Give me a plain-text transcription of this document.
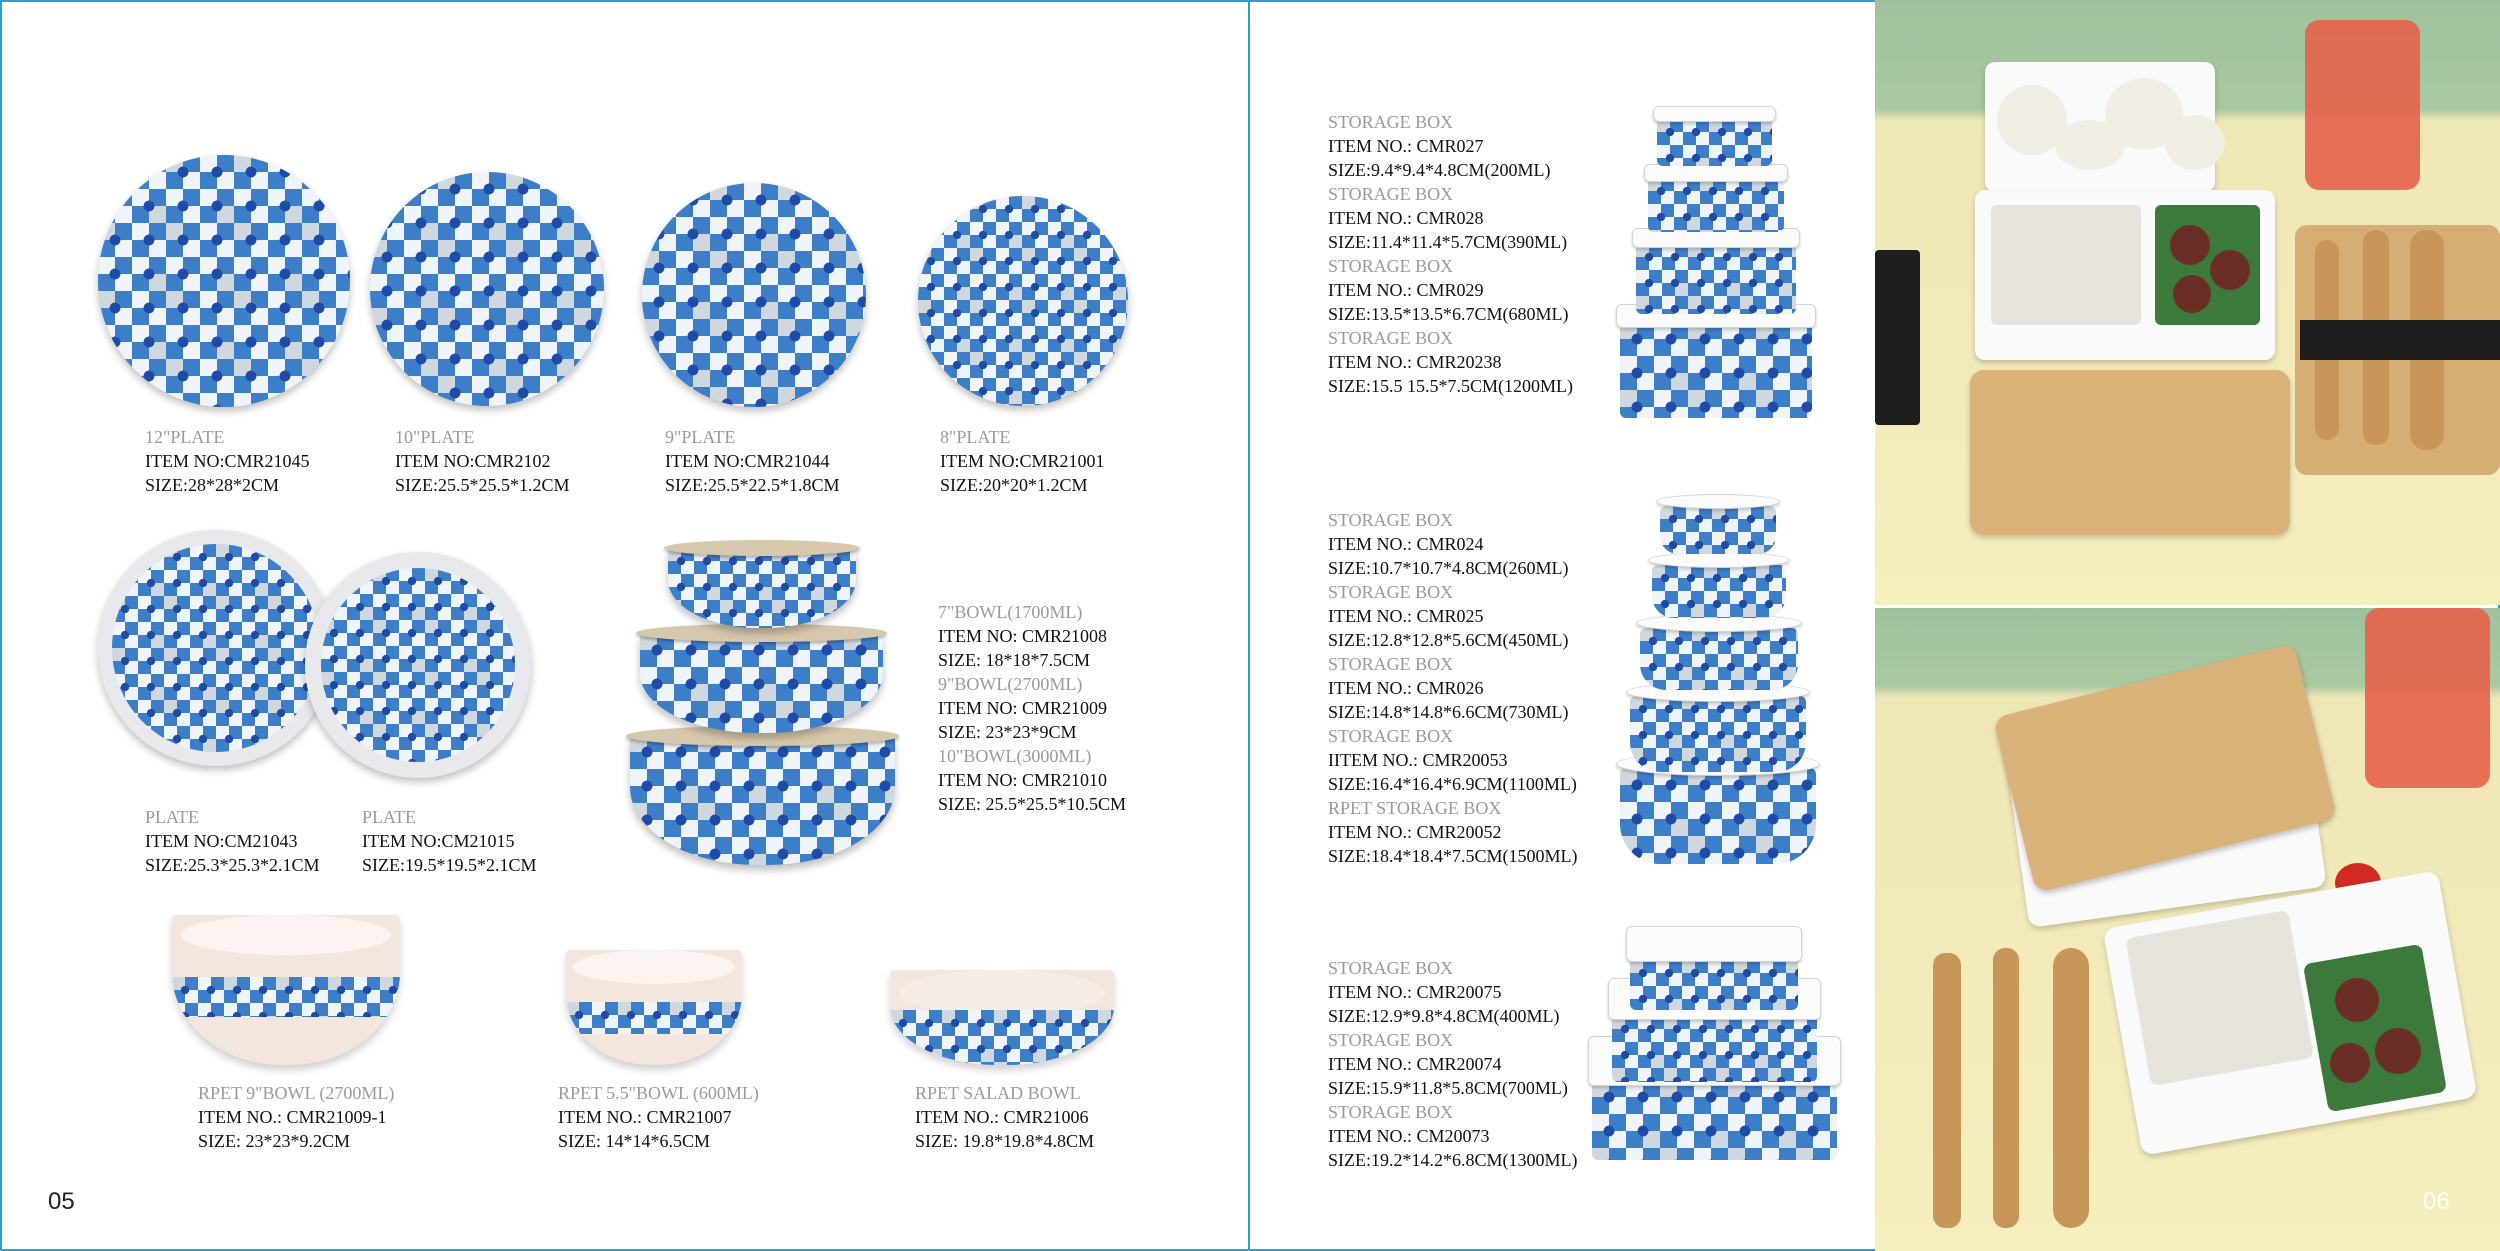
12"PLATE
ITEM NO:CMR21045
SIZE:28*28*2CM
10"PLATE
ITEM NO:CMR2102
SIZE:25.5*25.5*1.2CM
9"PLATE
ITEM NO:CMR21044
SIZE:25.5*22.5*1.8CM
8"PLATE
ITEM NO:CMR21001
SIZE:20*20*1.2CM
PLATE
ITEM NO:CM21043
SIZE:25.3*25.3*2.1CM
PLATE
ITEM NO:CM21015
SIZE:19.5*19.5*2.1CM
7"BOWL(1700ML)
ITEM NO: CMR21008
SIZE: 18*18*7.5CM
9"BOWL(2700ML)
ITEM NO: CMR21009
SIZE: 23*23*9CM
10"BOWL(3000ML)
ITEM NO: CMR21010
SIZE: 25.5*25.5*10.5CM
RPET 9"BOWL (2700ML)
ITEM NO.: CMR21009-1
SIZE: 23*23*9.2CM
RPET 5.5"BOWL (600ML)
ITEM NO.: CMR21007
SIZE: 14*14*6.5CM
RPET SALAD BOWL
ITEM NO.: CMR21006
SIZE: 19.8*19.8*4.8CM
05
STORAGE BOX
ITEM NO.: CMR027
SIZE:9.4*9.4*4.8CM(200ML)
STORAGE BOX
ITEM NO.: CMR028
SIZE:11.4*11.4*5.7CM(390ML)
STORAGE BOX
ITEM NO.: CMR029
SIZE:13.5*13.5*6.7CM(680ML)
STORAGE BOX
ITEM NO.: CMR20238
SIZE:15.5 15.5*7.5CM(1200ML)
STORAGE BOX
ITEM NO.: CMR024
SIZE:10.7*10.7*4.8CM(260ML)
STORAGE BOX
ITEM NO.: CMR025
SIZE:12.8*12.8*5.6CM(450ML)
STORAGE BOX
ITEM NO.: CMR026
SIZE:14.8*14.8*6.6CM(730ML)
STORAGE BOX
IITEM NO.: CMR20053
SIZE:16.4*16.4*6.9CM(1100ML)
RPET STORAGE BOX
ITEM NO.: CMR20052
SIZE:18.4*18.4*7.5CM(1500ML)
STORAGE BOX
ITEM NO.: CMR20075
SIZE:12.9*9.8*4.8CM(400ML)
STORAGE BOX
ITEM NO.: CMR20074
SIZE:15.9*11.8*5.8CM(700ML)
STORAGE BOX
ITEM NO.: CM20073
SIZE:19.2*14.2*6.8CM(1300ML)
06
